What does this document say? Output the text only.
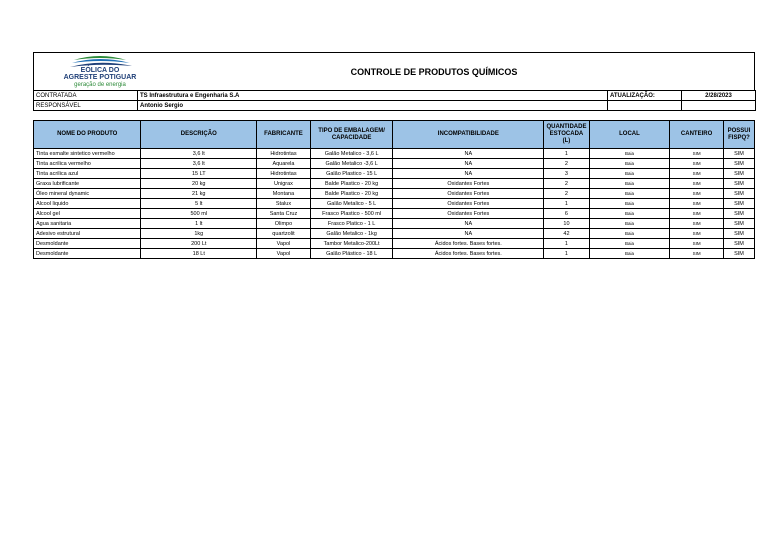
EÓLICA DO
AGRESTE POTIGUAR
geração de energia
CONTROLE DE PRODUTOS QUÍMICOS
CONTRATADA	TS Infraestrutura e Engenharia S.A	ATUALIZAÇÃO:	2/28/2023
RESPONSÁVEL	Antonio Sergio		
NOME DO PRODUTO	DESCRIÇÃO	FABRICANTE	TIPO DE EMBALAGEM/ CAPACIDADE	INCOMPATIBILIDADE	QUANTIDADE ESTOCADA (L)	LOCAL	CANTEIRO	POSSUI FISPQ?
Tinta esmalte sintetico vermelho	3,6 lt	Hidrotintas	Galão Metalico - 3,6 L	NA	1	Baia	SIM	SIM
Tinta acrilica vermelho	3,6 lt	Aquarela	Galão Metalico -3,6 L	NA	2	Baia	SIM	SIM
Tinta acrilica azul	15 LT	Hidrotintas	Galão Plastico - 15 L	NA	3	Baia	SIM	SIM
Graxa lubrificante	20 kg	Unigrax	Balde Plastico - 20 kg	Oxidantes Fortes	2	Baia	SIM	SIM
Óleo mineral dynamic	21 kg	Montana	Balde Plastico - 20 kg	Oxidantes Fortes	2	Baia	SIM	SIM
Alcool liquido	5 lt	Stalux	Galão Metalico - 5 L	Oxidantes Fortes	1	Baia	SIM	SIM
Alcool gel	500 ml	Santa Cruz	Frasco Plastico - 500 ml	Oxidantes Fortes	6	Baia	SIM	SIM
Agua sanitaria	1 lt	Olimpo	Frasco Platico - 1 L	NA	10	Baia	SIM	SIM
Adesivo estrutural	1kg	quartzolit	Galão Metalico - 1kg	NA	42	Baia	SIM	SIM
Desmoldante	200 Lt	Vapol	Tambor Metalico-200Lt	Ácidos fortes. Bases fortes.	1	Baia	SIM	SIM
Desmoldante	18 Lt	Vapol	Galão Plástico - 18 L	Ácidos fortes. Bases fortes.	1	Baia	SIM	SIM
